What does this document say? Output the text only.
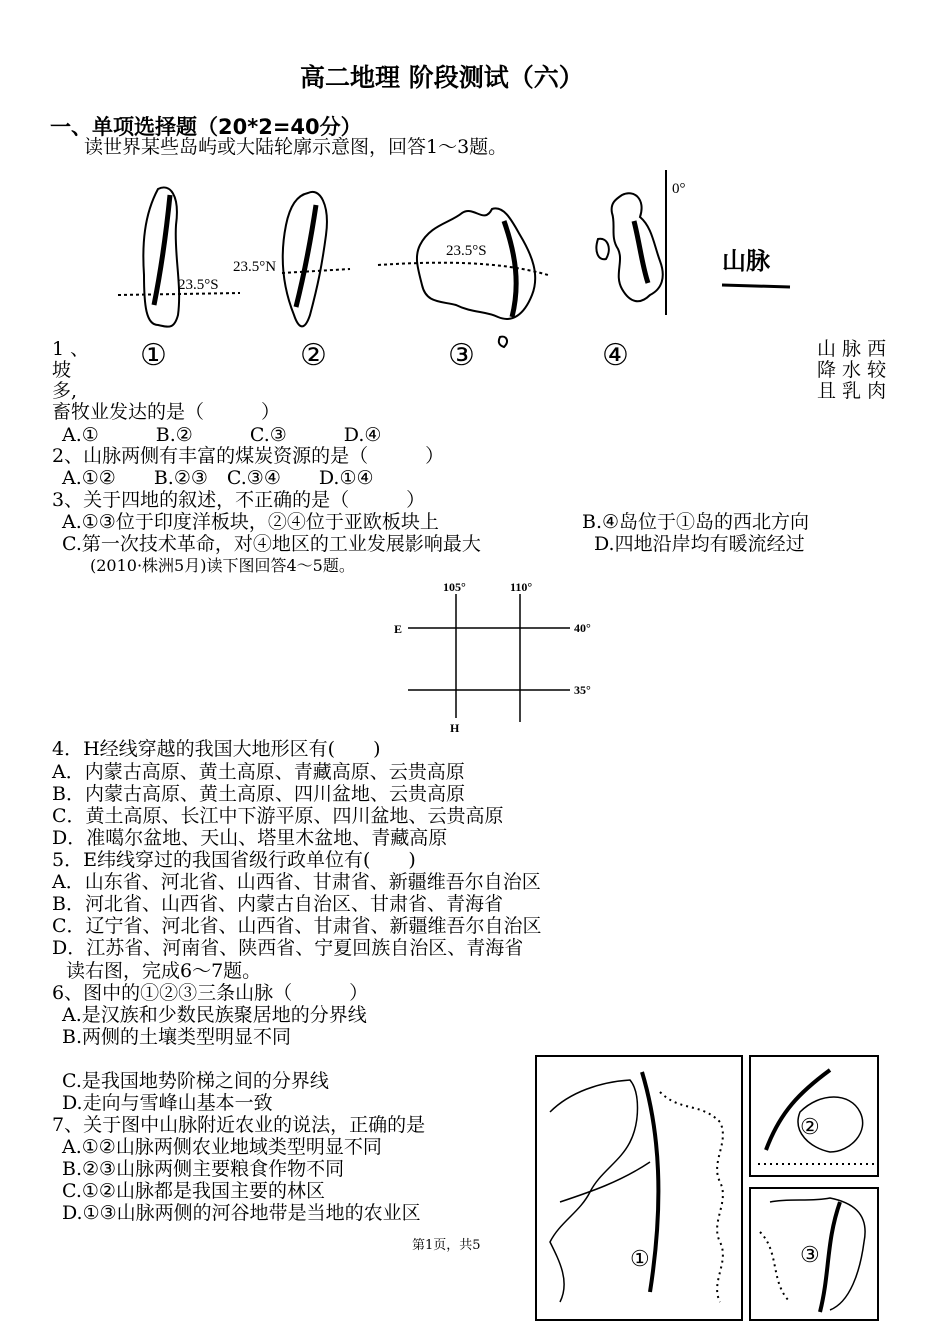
高二地理 阶段测试（六）
一、单项选择题（20*2=40分）
读世界某些岛屿或大陆轮廓示意图，回答1～3题。
23.5°S
23.5°N
23.5°S
0°
山脉
①	②	③	④
1 、	山 脉 西
坡	降 水 较
多,	且 乳 肉
畜牧业发达的是（　　　）
A.①　　　B.②　　　C.③　　　D.④
2、山脉两侧有丰富的煤炭资源的是（　　　）
A.①②　　B.②③　C.③④　　D.①④
3、关于四地的叙述，不正确的是（　　　）
A.①③位于印度洋板块，②④位于亚欧板块上	B.④岛位于①岛的西北方向
C.第一次技术革命，对④地区的工业发展影响最大	D.四地沿岸均有暖流经过
(2010·株洲5月)读下图回答4～5题。
105°	110°
40°
35°
E
H
4．H经线穿越的我国大地形区有(　　)
A．内蒙古高原、黄土高原、青藏高原、云贵高原
B．内蒙古高原、黄土高原、四川盆地、云贵高原
C．黄土高原、长江中下游平原、四川盆地、云贵高原
D．准噶尔盆地、天山、塔里木盆地、青藏高原
5．E纬线穿过的我国省级行政单位有(　　)
A．山东省、河北省、山西省、甘肃省、新疆维吾尔自治区
B．河北省、山西省、内蒙古自治区、甘肃省、青海省
C．辽宁省、河北省、山西省、甘肃省、新疆维吾尔自治区
D．江苏省、河南省、陕西省、宁夏回族自治区、青海省
读右图，完成6～7题。
6、图中的①②③三条山脉（　　　）
A.是汉族和少数民族聚居地的分界线
B.两侧的土壤类型明显不同
C.是我国地势阶梯之间的分界线
D.走向与雪峰山基本一致
7、关于图中山脉附近农业的说法，正确的是
A.①②山脉两侧农业地域类型明显不同
B.②③山脉两侧主要粮食作物不同
C.①②山脉都是我国主要的林区
D.①③山脉两侧的河谷地带是当地的农业区
第1页，共5
①
②
③
